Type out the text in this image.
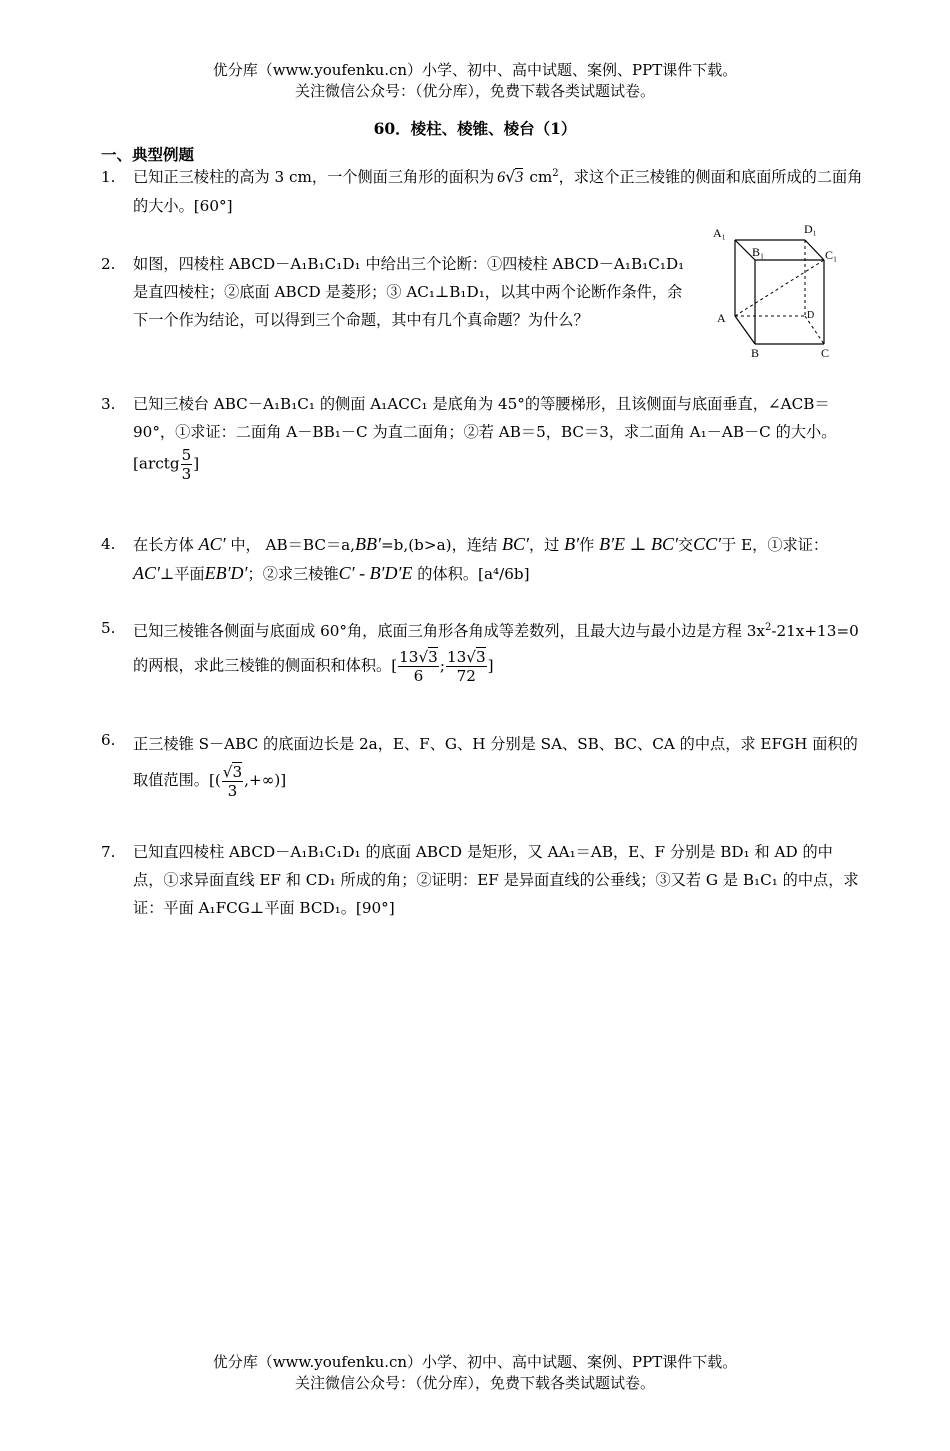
优分库（www.youfenku.cn）小学、初中、高中试题、案例、PPT课件下载。
关注微信公众号：（优分库），免费下载各类试题试卷。
60．棱柱、棱锥、棱台（1）
一、典型例题
1. 已知正三棱柱的高为 3 cm，一个侧面三角形的面积为 6√3 $cm^2$，求这个正三棱锥的侧面和底面所成的二面角的大小。[60°]
2. 如图，四棱柱 ABCD－A₁B₁C₁D₁ 中给出三个论断：①四棱柱 ABCD－A₁B₁C₁D₁ 是直四棱柱；②底面 ABCD 是菱形；③ AC₁⊥B₁D₁，以其中两个论断作条件，余下一个作为结论，可以得到三个命题，其中有几个真命题？为什么？
A₁
B₁
D₁
C₁
A	D
B	C
3. 已知三棱台 ABC－A₁B₁C₁ 的侧面 A₁ACC₁ 是底角为 45°的等腰梯形，且该侧面与底面垂直，∠ACB＝90°，①求证：二面角 A－BB₁－C 为直二面角；②若 AB＝5，BC＝3，求二面角 A₁－AB－C 的大小。[arctg $\frac{5}{3}$ ]
4. 在长方体 AC′ 中， AB＝BC＝a,BB′=b,(b>a)，连结 BC′，过 B′作 B′E ⊥ BC′交CC′于 E，①求证： AC′⊥平面EB′D′；②求三棱锥C′ - B′D′E 的体积。[a⁴/6b]
5. 已知三棱锥各侧面与底面成 60°角，底面三角形各角成等差数列，且最大边与最小边是方程 $3x^2-21x+13=0$ 的两根，求此三棱锥的侧面积和体积。[ $\frac{13√3}{6}$ ; $\frac{13√3}{72}$ ]
6. 正三棱锥 S－ABC 的底面边长是 2a，E、F、G、H 分别是 SA、SB、BC、CA 的中点，求 EFGH 面积的取值范围。[( $\frac{√3}{3}$ ,+∞)]
7. 已知直四棱柱 ABCD－A₁B₁C₁D₁ 的底面 ABCD 是矩形，又 AA₁＝AB，E、F 分别是 BD₁ 和 AD 的中点，①求异面直线 EF 和 CD₁ 所成的角；②证明：EF 是异面直线的公垂线；③又若 G 是 B₁C₁ 的中点，求证：平面 A₁FCG⊥平面 BCD₁。[90°]
优分库（www.youfenku.cn）小学、初中、高中试题、案例、PPT课件下载。
关注微信公众号：（优分库），免费下载各类试题试卷。
